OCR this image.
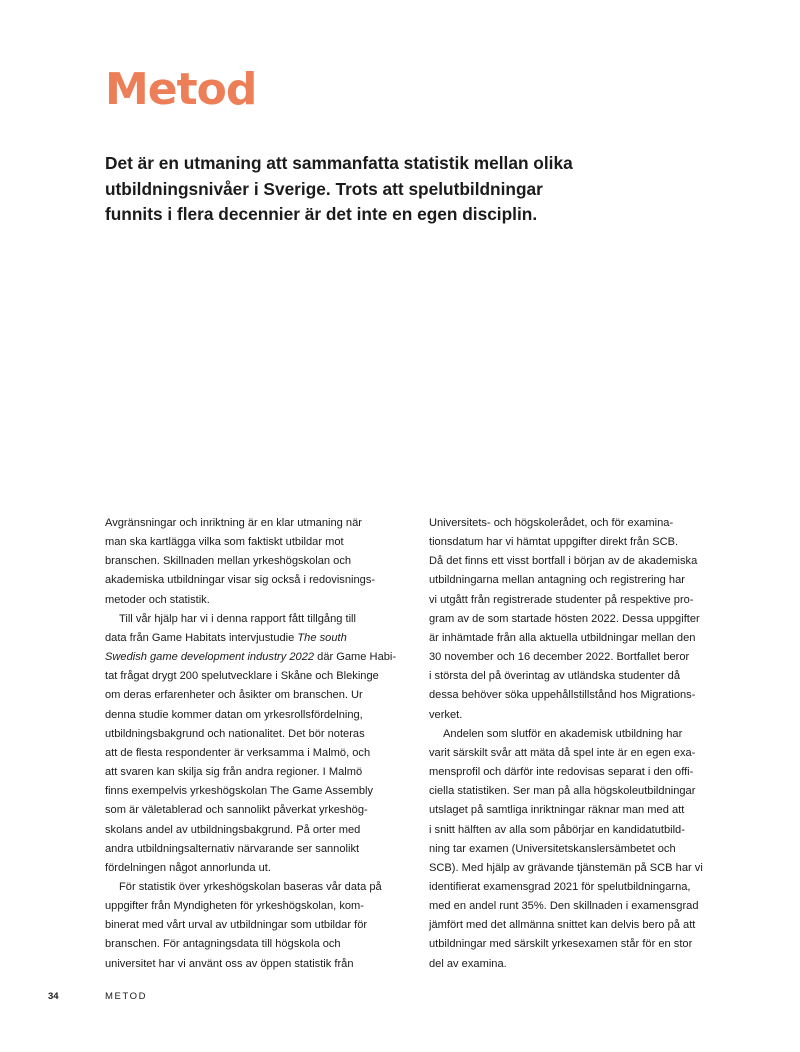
Metod
Det är en utmaning att sammanfatta statistik mellan olika
utbildningsnivåer i Sverige. Trots att spelutbildningar
funnits i flera decennier är det inte en egen disciplin.
Avgränsningar och inriktning är en klar utmaning när
man ska kartlägga vilka som faktiskt utbildar mot
branschen. Skillnaden mellan yrkeshögskolan och
akademiska utbildningar visar sig också i redovisnings-
metoder och statistik.
Till vår hjälp har vi i denna rapport fått tillgång till
data från Game Habitats intervjustudie The south
Swedish game development industry 2022 där Game Habi-
tat frågat drygt 200 spelutvecklare i Skåne och Blekinge
om deras erfarenheter och åsikter om branschen. Ur
denna studie kommer datan om yrkesrollsfördelning,
utbildningsbakgrund och nationalitet. Det bör noteras
att de flesta respondenter är verksamma i Malmö, och
att svaren kan skilja sig från andra regioner. I Malmö
finns exempelvis yrkeshögskolan The Game Assembly
som är väletablerad och sannolikt påverkat yrkeshög-
skolans andel av utbildningsbakgrund. På orter med
andra utbildningsalternativ närvarande ser sannolikt
fördelningen något annorlunda ut.
För statistik över yrkeshögskolan baseras vår data på
uppgifter från Myndigheten för yrkeshögskolan, kom-
binerat med vårt urval av utbildningar som utbildar för
branschen. För antagningsdata till högskola och
universitet har vi använt oss av öppen statistik från
Universitets- och högskolerådet, och för examina-
tionsdatum har vi hämtat uppgifter direkt från SCB.
Då det finns ett visst bortfall i början av de akademiska
utbildningarna mellan antagning och registrering har
vi utgått från registrerade studenter på respektive pro-
gram av de som startade hösten 2022. Dessa uppgifter
är inhämtade från alla aktuella utbildningar mellan den
30 november och 16 december 2022. Bortfallet beror
i största del på överintag av utländska studenter då
dessa behöver söka uppehållstillstånd hos Migrations-
verket.
Andelen som slutför en akademisk utbildning har
varit särskilt svår att mäta då spel inte är en egen exa-
mensprofil och därför inte redovisas separat i den offi-
ciella statistiken. Ser man på alla högskoleutbildningar
utslaget på samtliga inriktningar räknar man med att
i snitt hälften av alla som påbörjar en kandidatutbild-
ning tar examen (Universitetskanslersämbetet och
SCB). Med hjälp av grävande tjänstemän på SCB har vi
identifierat examensgrad 2021 för spelutbildningarna,
med en andel runt 35%. Den skillnaden i examensgrad
jämfört med det allmänna snittet kan delvis bero på att
utbildningar med särskilt yrkesexamen står för en stor
del av examina.
34	METOD
